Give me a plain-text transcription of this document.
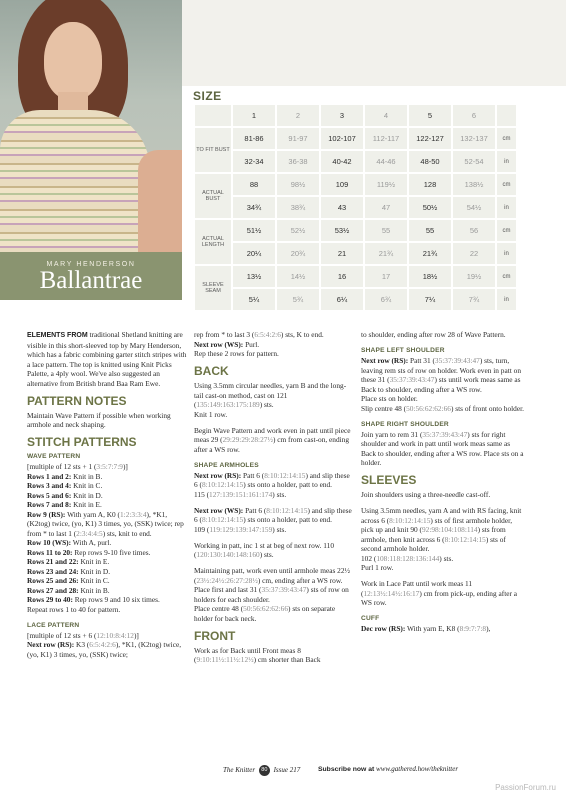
MARY HENDERSON
Ballantrae
SIZE
	1	2	3	4	5	6	
TO FIT BUST	81-86	91-97	102-107	112-117	122-127	132-137	cm
	32-34	36-38	40-42	44-46	48-50	52-54	in
ACTUAL BUST	88	98½	109	119½	128	138½	cm
	34¾	38¾	43	47	50½	54½	in
ACTUAL LENGTH	51½	52½	53½	55	55	56	cm
	20¼	20¾	21	21¾	21¾	22	in
SLEEVE SEAM	13½	14½	16	17	18½	19½	cm
	5¼	5¾	6¼	6¾	7¼	7¾	in

ELEMENTS FROM traditional Shetland knitting are visible in this short-sleeved top by Mary Henderson, which has a fabric combining garter stitch stripes with a lace pattern. The top is knitted using Knit Picks Palette, a 4ply wool. We've also suggested an alternative from British brand Baa Ram Ewe.

PATTERN NOTES

Maintain Wave Pattern if possible when working armhole and neck shaping.

STITCH PATTERNS
WAVE PATTERN
[multiple of 12 sts + 1 (3:5:7:7:9)]
Rows 1 and 2: Knit in B.
Rows 3 and 4: Knit in C.
Rows 5 and 6: Knit in D.
Rows 7 and 8: Knit in E.
Row 9 (RS): With yarn A, K0 (1:2:3:3:4), *K1, (K2tog) twice, (yo, K1) 3 times, yo, (SSK) twice; rep from * to last 1 (2:3:4:4:5) sts, knit to end.
Row 10 (WS): With A, purl.
Rows 11 to 20: Rep rows 9-10 five times.
Rows 21 and 22: Knit in E.
Rows 23 and 24: Knit in D.
Rows 25 and 26: Knit in C.
Rows 27 and 28: Knit in B.
Rows 29 to 40: Rep rows 9 and 10 six times.

Repeat rows 1 to 40 for pattern.

LACE PATTERN
[multiple of 12 sts + 6 (12:10:8:4:12)]
Next row (RS): K3 (6:5:4:2:6), *K1, (K2tog) twice, (yo, K1) 3 times, yo, (SSK) twice;
rep from * to last 3 (6:5:4:2:6) sts, K to end.
Next row (WS): Purl.

Rep these 2 rows for pattern.

BACK

Using 3.5mm circular needles, yarn B and the long-tail cast-on method, cast on 121 (135:149:163:175:189) sts.
Knit 1 row.

Begin Wave Pattern and work even in patt until piece meas 29 (29:29:29:28:27½) cm from cast-on, ending after a WS row.

SHAPE ARMHOLES

Next row (RS): Patt 6 (8:10:12:14:15) and slip these 6 (8:10:12:14:15) sts onto a holder, patt to end.
115 (127:139:151:161:174) sts.

Next row (WS): Patt 6 (8:10:12:14:15) and slip these 6 (8:10:12:14:15) sts onto a holder, patt to end.
109 (119:129:139:147:159) sts.

Working in patt, inc 1 st at beg of next row. 110 (120:130:140:148:160) sts.

Maintaining patt, work even until armhole meas 22½ (23½:24½:26:27:28½) cm, ending after a WS row.
Place first and last 31 (35:37:39:43:47) sts of row on holders for each shoulder.
Place centre 48 (50:56:62:62:66) sts on separate holder for back neck.

FRONT

Work as for Back until Front meas 8 (9:10:11½:11½:12½) cm shorter than Back

to shoulder, ending after row 28 of Wave Pattern.

SHAPE LEFT SHOULDER

Next row (RS): Patt 31 (35:37:39:43:47) sts, turn, leaving rem sts of row on holder. Work even in patt on these 31 (35:37:39:43:47) sts until work meas same as Back to shoulder, ending after a WS row.
Place sts on holder.
Slip centre 48 (50:56:62:62:66) sts of front onto holder.

SHAPE RIGHT SHOULDER

Join yarn to rem 31 (35:37:39:43:47) sts for right shoulder and work in patt until work meas same as Back to shoulder, ending after a WS row. Place sts on a holder.

SLEEVES

Join shoulders using a three-needle cast-off.

Using 3.5mm needles, yarn A and with RS facing, knit across 6 (8:10:12:14:15) sts of first armhole holder, pick up and knit 90 (92:98:104:108:114) sts from armhole, then knit across 6 (8:10:12:14:15) sts of second armhole holder.
102 (108:118:128:136:144) sts.
Purl 1 row.

Work in Lace Patt until work meas 11 (12:13½:14½:16:17) cm from pick-up, ending after a WS row.

CUFF
Dec row (RS): With yarn E, K8 (8:9:7:7:8),
The Knitter 80 Issue 217	Subscribe now at www.gathered.how/theknitter
PassionForum.ru
